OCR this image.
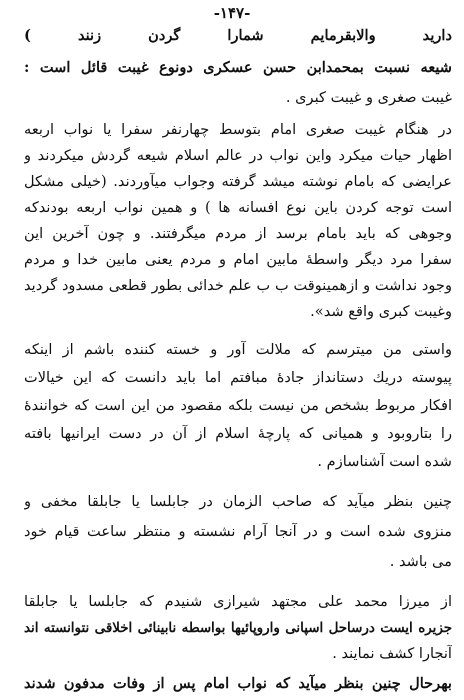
-۱۴۷-
داريد والابقرمايم شمارا گردن زنند )
شيعه نسبت بمحمدابن حسن عسكرى دونوع غيبت قائل است :
غيبت صغرى و غيبت كبرى .
در هنگام غيبت صغرى امام بتوسط چهارنفر سفرا يا نواب اربعه
اظهار حيات ميكرد واين نواب در عالم اسلام شيعه گردش ميكردند و
عرايضى كه بامام نوشته ميشد گرفته وجواب ميآوردند. (خيلى مشكل
است توجه كردن باين نوع افسانه ها ) و همين نواب اربعه بودندكه
وجوهى كه بايد بامام برسد از مردم ميگرفتند. و چون آخرين اين
سفرا مرد ديگر واسطهٔ مابين امام و مردم يعنى مابين خدا و مردم
وجود نداشت و ازهمينوقت ب ب علم خدائى بطور قطعى مسدود گرديد
وغيبت كبرى واقع شد».
واستى من ميترسم كه ملالت آور و خسته كننده باشم از اينكه
پيوسته دريك دستانداز جادهٔ مبافتم اما بايد دانست كه اين خيالات
افكار مربوط بشخص من نيست بلكه مقصود من اين است كه خوانندهٔ
را بتاروبود و هميانى كه پارچهٔ اسلام از آن در دست ايرانيها بافته
شده است آشناسازم .
چنين بنظر ميآيد كه صاحب الزمان در جابلسا يا جابلقا مخفى و
منزوى شده است و در آنجا آرام نشسته و منتظر ساعت قيام خود
مى باشد .
از ميرزا محمد على مجتهد شيرازى شنيدم كه جابلسا يا جابلقا
جزيره ايست درساحل اسپانى واروپائيها بواسطه نابينائى اخلاقى نتوانسته اند
آنجارا كشف نمايند .
بهرحال چنين بنظر ميآيد كه نواب امام پس از وفات مدفون شدند
